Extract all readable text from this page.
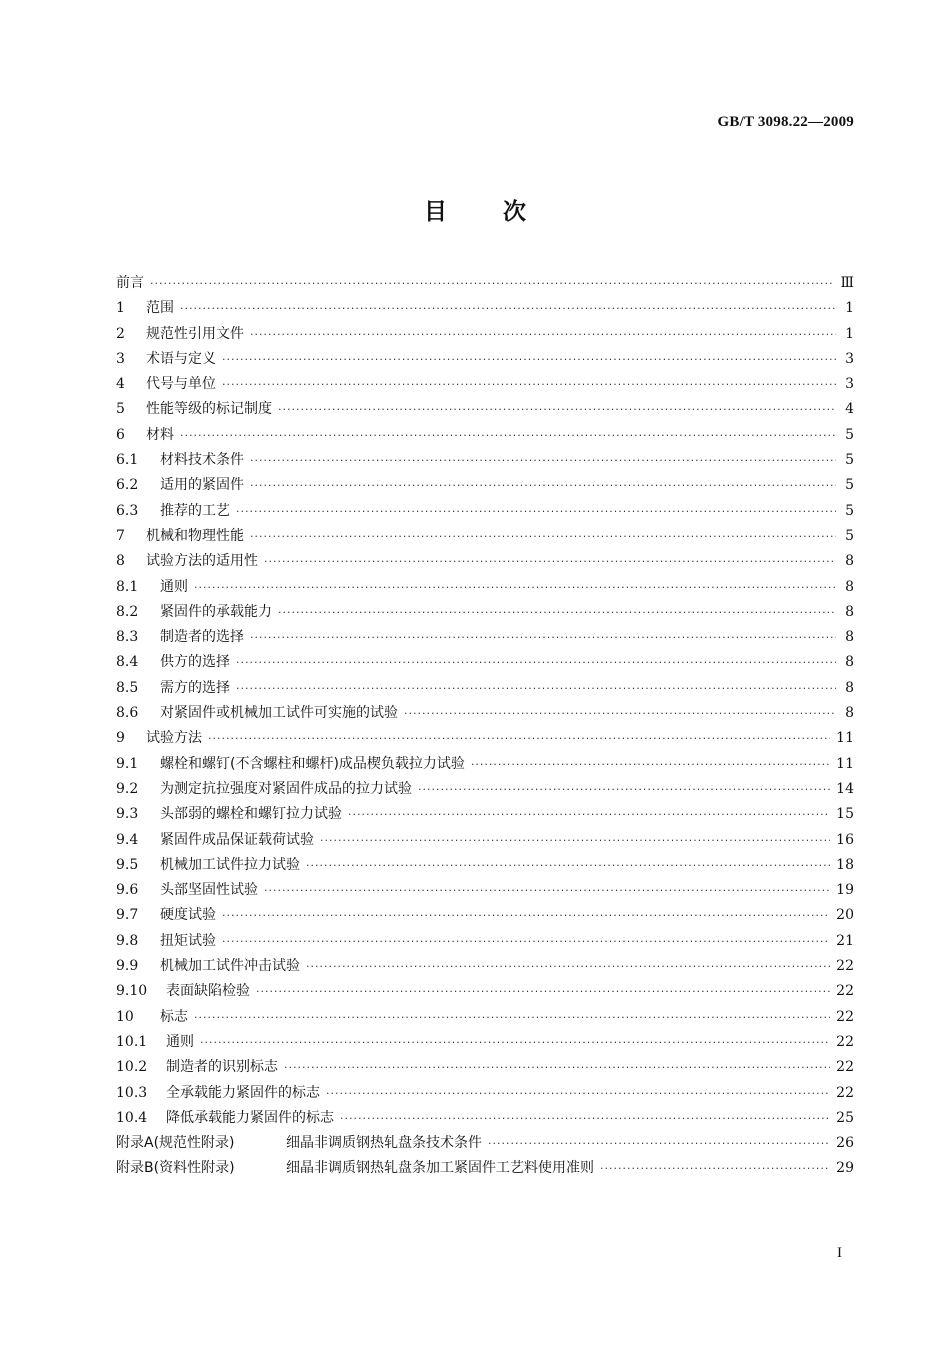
GB/T 3098.22—2009
目次
前言 ·····	Ⅲ
1	范围 ·····	1
2	规范性引用文件 ·····	1
3	术语与定义 ·····	3
4	代号与单位 ·····	3
5	性能等级的标记制度 ·····	4
6	材料 ·····	5
6.1	材料技术条件 ·····	5
6.2	适用的紧固件 ·····	5
6.3	推荐的工艺 ·····	5
7	机械和物理性能 ·····	5
8	试验方法的适用性 ·····	8
8.1	通则 ·····	8
8.2	紧固件的承载能力 ·····	8
8.3	制造者的选择 ·····	8
8.4	供方的选择 ·····	8
8.5	需方的选择 ·····	8
8.6	对紧固件或机械加工试件可实施的试验 ·····	8
9	试验方法 ·····	11
9.1	螺栓和螺钉(不含螺柱和螺杆)成品楔负载拉力试验 ·····	11
9.2	为测定抗拉强度对紧固件成品的拉力试验 ·····	14
9.3	头部弱的螺栓和螺钉拉力试验 ·····	15
9.4	紧固件成品保证载荷试验 ·····	16
9.5	机械加工试件拉力试验 ·····	18
9.6	头部坚固性试验 ·····	19
9.7	硬度试验 ·····	20
9.8	扭矩试验 ·····	21
9.9	机械加工试件冲击试验 ·····	22
9.10	表面缺陷检验 ·····	22
10	标志 ·····	22
10.1	通则 ·····	22
10.2	制造者的识别标志 ·····	22
10.3	全承载能力紧固件的标志 ·····	22
10.4	降低承载能力紧固件的标志 ·····	25
附录A(规范性附录)	细晶非调质钢热轧盘条技术条件 ·····	26
附录B(资料性附录)	细晶非调质钢热轧盘条加工紧固件工艺料使用准则 ·····	29
I
